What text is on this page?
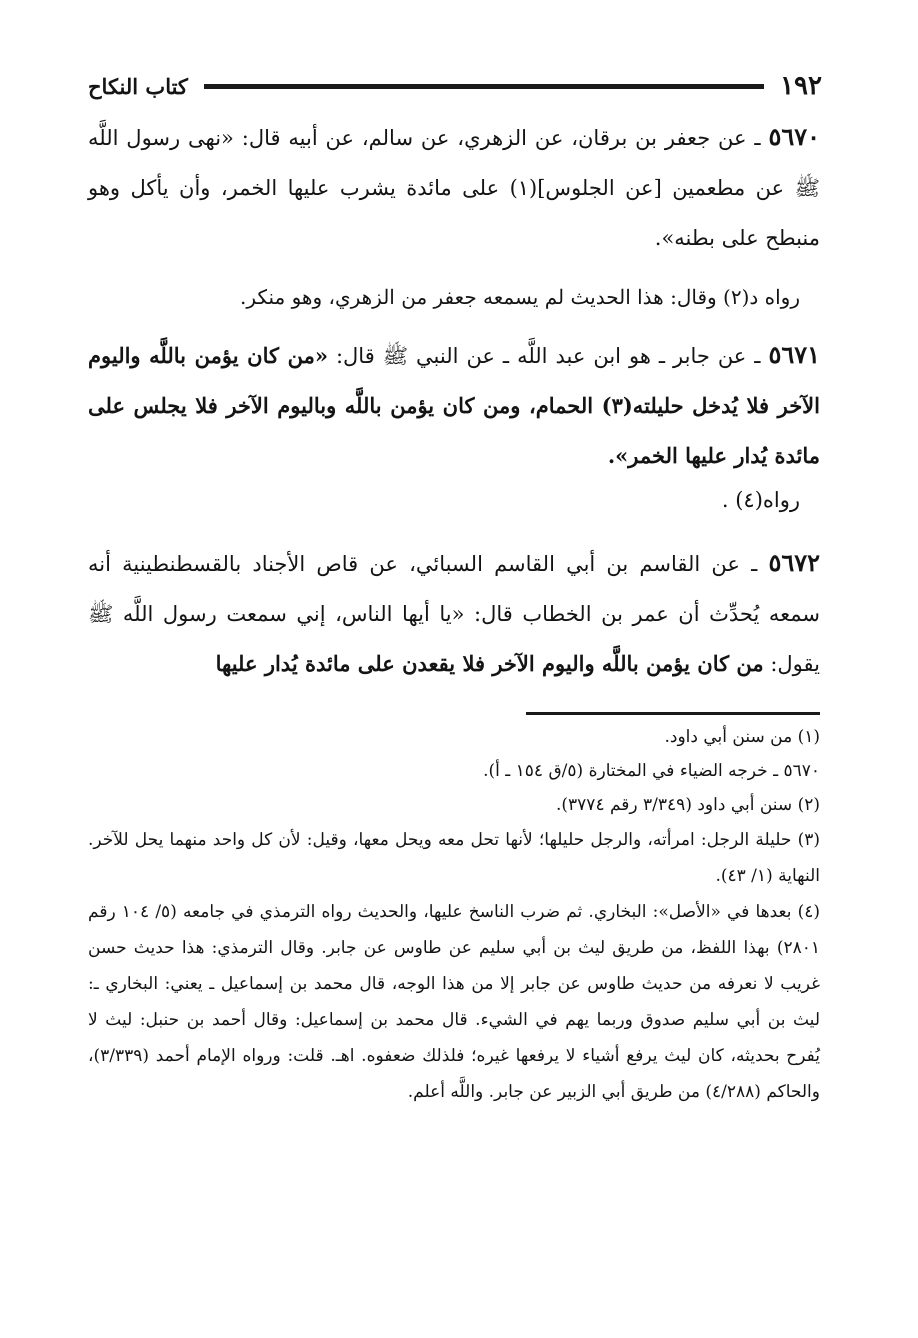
١٩٢
كتاب النكاح

٥٦٧٠ ـ عن جعفر بن برقان، عن الزهري، عن سالم، عن أبيه قال: «نهى رسول اللَّه ﷺ عن مطعمين [عن الجلوس](١) على مائدة يشرب عليها الخمر، وأن يأكل وهو منبطح على بطنه».

رواه د(٢) وقال: هذا الحديث لم يسمعه جعفر من الزهري، وهو منكر.

٥٦٧١ ـ عن جابر ـ هو ابن عبد اللَّه ـ عن النبي ﷺ قال: «من كان يؤمن باللَّه واليوم الآخر فلا يُدخل حليلته(٣) الحمام، ومن كان يؤمن باللَّه وباليوم الآخر فلا يجلس على مائدة يُدار عليها الخمر».

رواه(٤) .

٥٦٧٢ ـ عن القاسم بن أبي القاسم السبائي، عن قاص الأجناد بالقسطنطينية أنه سمعه يُحدِّث أن عمر بن الخطاب قال: «يا أيها الناس، إني سمعت رسول اللَّه ﷺ يقول: من كان يؤمن باللَّه واليوم الآخر فلا يقعدن على مائدة يُدار عليها

(١) من سنن أبي داود.

٥٦٧٠ ـ خرجه الضياء في المختارة (٥/ق ١٥٤ ـ أ).

(٢) سنن أبي داود (٣/٣٤٩ رقم ٣٧٧٤).

(٣) حليلة الرجل: امرأته، والرجل حليلها؛ لأنها تحل معه ويحل معها، وقيل: لأن كل واحد منهما يحل للآخر. النهاية (١/ ٤٣).

(٤) بعدها في «الأصل»: البخاري. ثم ضرب الناسخ عليها، والحديث رواه الترمذي في جامعه (٥/ ١٠٤ رقم ٢٨٠١) بهذا اللفظ، من طريق ليث بن أبي سليم عن طاوس عن جابر. وقال الترمذي: هذا حديث حسن غريب لا نعرفه من حديث طاوس عن جابر إلا من هذا الوجه، قال محمد بن إسماعيل ـ يعني: البخاري ـ: ليث بن أبي سليم صدوق وربما يهم في الشيء. قال محمد بن إسماعيل: وقال أحمد بن حنبل: ليث لا يُفرح بحديثه، كان ليث يرفع أشياء لا يرفعها غيره؛ فلذلك ضعفوه. اهـ. قلت: ورواه الإمام أحمد (٣/٣٣٩)، والحاكم (٤/٢٨٨) من طريق أبي الزبير عن جابر. واللَّه أعلم.
